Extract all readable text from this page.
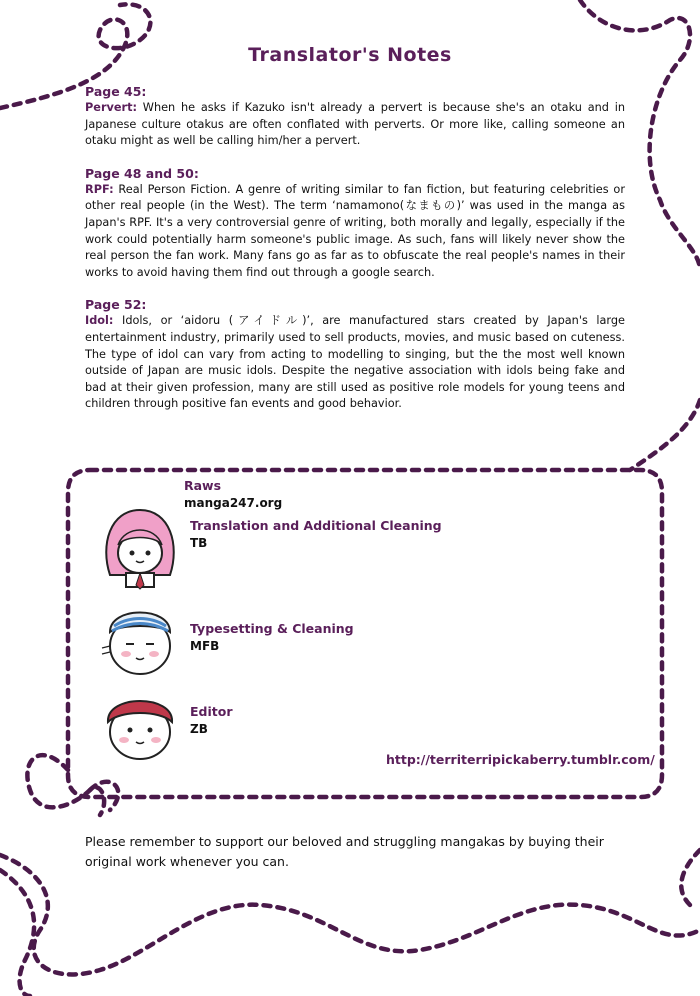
Translator's Notes
Page 45:
Pervert: When he asks if Kazuko isn't already a pervert is because she's an otaku and in Japanese culture otakus are often conflated with perverts. Or more like, calling someone an otaku might as well be calling him/her a pervert.
Page 48 and 50:
RPF: Real Person Fiction. A genre of writing similar to fan fiction, but featuring celebrities or other real people (in the West). The term ‘namamono(なまもの)’ was used in the manga as Japan's RPF. It's a very controversial genre of writing, both morally and legally, especially if the work could potentially harm someone's public image. As such, fans will likely never show the real person the fan work. Many fans go as far as to obfuscate the real people's names in their works to avoid having them find out through a google search.
Page 52:
Idol: Idols, or ‘aidoru (アイドル)’, are manufactured stars created by Japan's large entertainment industry, primarily used to sell products, movies, and music based on cuteness. The type of idol can vary from acting to modelling to singing, but the the most well known outside of Japan are music idols. Despite the negative association with idols being fake and bad at their given profession, many are still used as positive role models for young teens and children through positive fan events and good behavior.
Raws
manga247.org
Translation and Additional Cleaning
TB
Typesetting & Cleaning
MFB
Editor
ZB
http://territerripickaberry.tumblr.com/
Please remember to support our beloved and struggling mangakas by buying their original work whenever you can.
